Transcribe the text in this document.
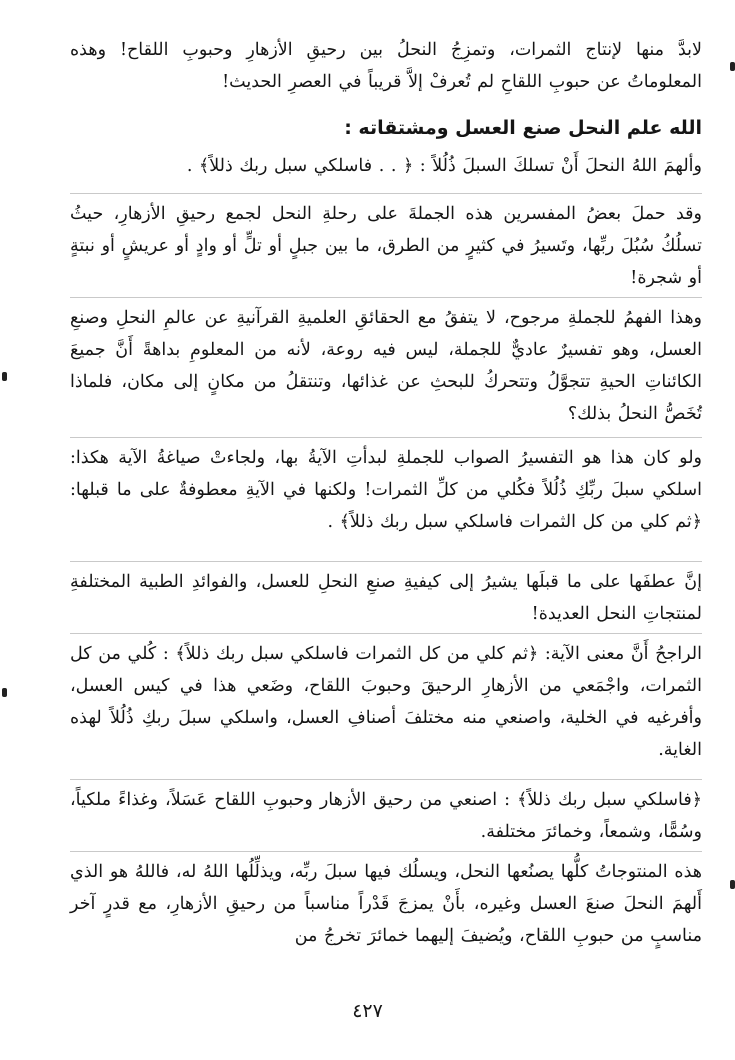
لابدَّ منها لإنتاج الثمرات، وتمزِجُ النحلُ بين رحيقِ الأزهارِ وحبوبِ اللقاح! وهذه المعلوماتُ عن حبوبِ اللقاحِ لم تُعرفْ إلاَّ قريباً في العصرِ الحديث!

الله علم النحل صنع العسل ومشتقاته :

وألهمَ اللهُ النحلَ أَنْ تسلكَ السبلَ ذُلُلاً : ﴿ . . فاسلكي سبل ربك ذللاً﴾ .

وقد حملَ بعضُ المفسرين هذه الجملةَ على رحلةِ النحل لجمع رحيقِ الأزهارِ، حيثُ تسلُكُ سُبُلَ ربِّها، وتَسيرُ في كثيرٍ من الطرق، ما بين جبلٍ أو تلٍّ أو وادٍ أو عريشٍ أو نبتةٍ أو شجرة!

وهذا الفهمُ للجملةِ مرجوح، لا يتفقُ مع الحقائقِ العلميةِ القرآنيةِ عن عالمِ النحلِ وصنعِ العسل، وهو تفسيرٌ عاديٌّ للجملة، ليس فيه روعة، لأنه من المعلومِ بداهةً أَنَّ جميعَ الكائناتِ الحيةِ تتجوَّلُ وتتحركُ للبحثِ عن غذائها، وتنتقلُ من مكانٍ إلى مكان، فلماذا تُخَصُّ النحلُ بذلك؟

ولو كان هذا هو التفسيرُ الصواب للجملةِ لبدأتِ الآيةُ بها، ولجاءتْ صياغةُ الآية هكذا: اسلكي سبلَ ربِّكِ ذُلُلاً فكُلي من كلِّ الثمرات! ولكنها في الآيةِ معطوفةٌ على ما قبلها: ﴿ثم كلي من كل الثمرات فاسلكي سبل ربك ذللاً﴾ .

إنَّ عطفَها على ما قبلَها يشيرُ إلى كيفيةِ صنعِ النحلِ للعسل، والفوائدِ الطبية المختلفةِ لمنتجاتِ النحل العديدة!

الراجحُ أَنَّ معنى الآية: ﴿ثم كلي من كل الثمرات فاسلكي سبل ربك ذللاً﴾ : كُلي من كل الثمرات، واجْمَعي من الأزهارِ الرحيقَ وحبوبَ اللقاح، وضَعي هذا في كيس العسل، وأفرغيه في الخلية، واصنعي منه مختلفَ أصنافِ العسل، واسلكي سبلَ ربكِ ذُلُلاً لهذه الغاية.

﴿فاسلكي سبل ربك ذللاً﴾ : اصنعي من رحيق الأزهار وحبوبِ اللقاح عَسَلاً، وغذاءً ملكياً، وسُمًّا، وشمعاً، وخمائرَ مختلفة.

هذه المنتوجاتُ كلُّها يصنُعها النحل، ويسلُك فيها سبلَ ربِّه، ويذلِّلُها اللهُ له، فاللهُ هو الذي أَلهمَ النحلَ صنعَ العسل وغيره، بأَنْ يمزجَ قَدْراً مناسباً من رحيقِ الأزهارِ، مع قدرٍ آخر مناسبٍ من حبوبِ اللقاح، ويُضيفَ إليهما خمائرَ تخرجُ من

٤٢٧
